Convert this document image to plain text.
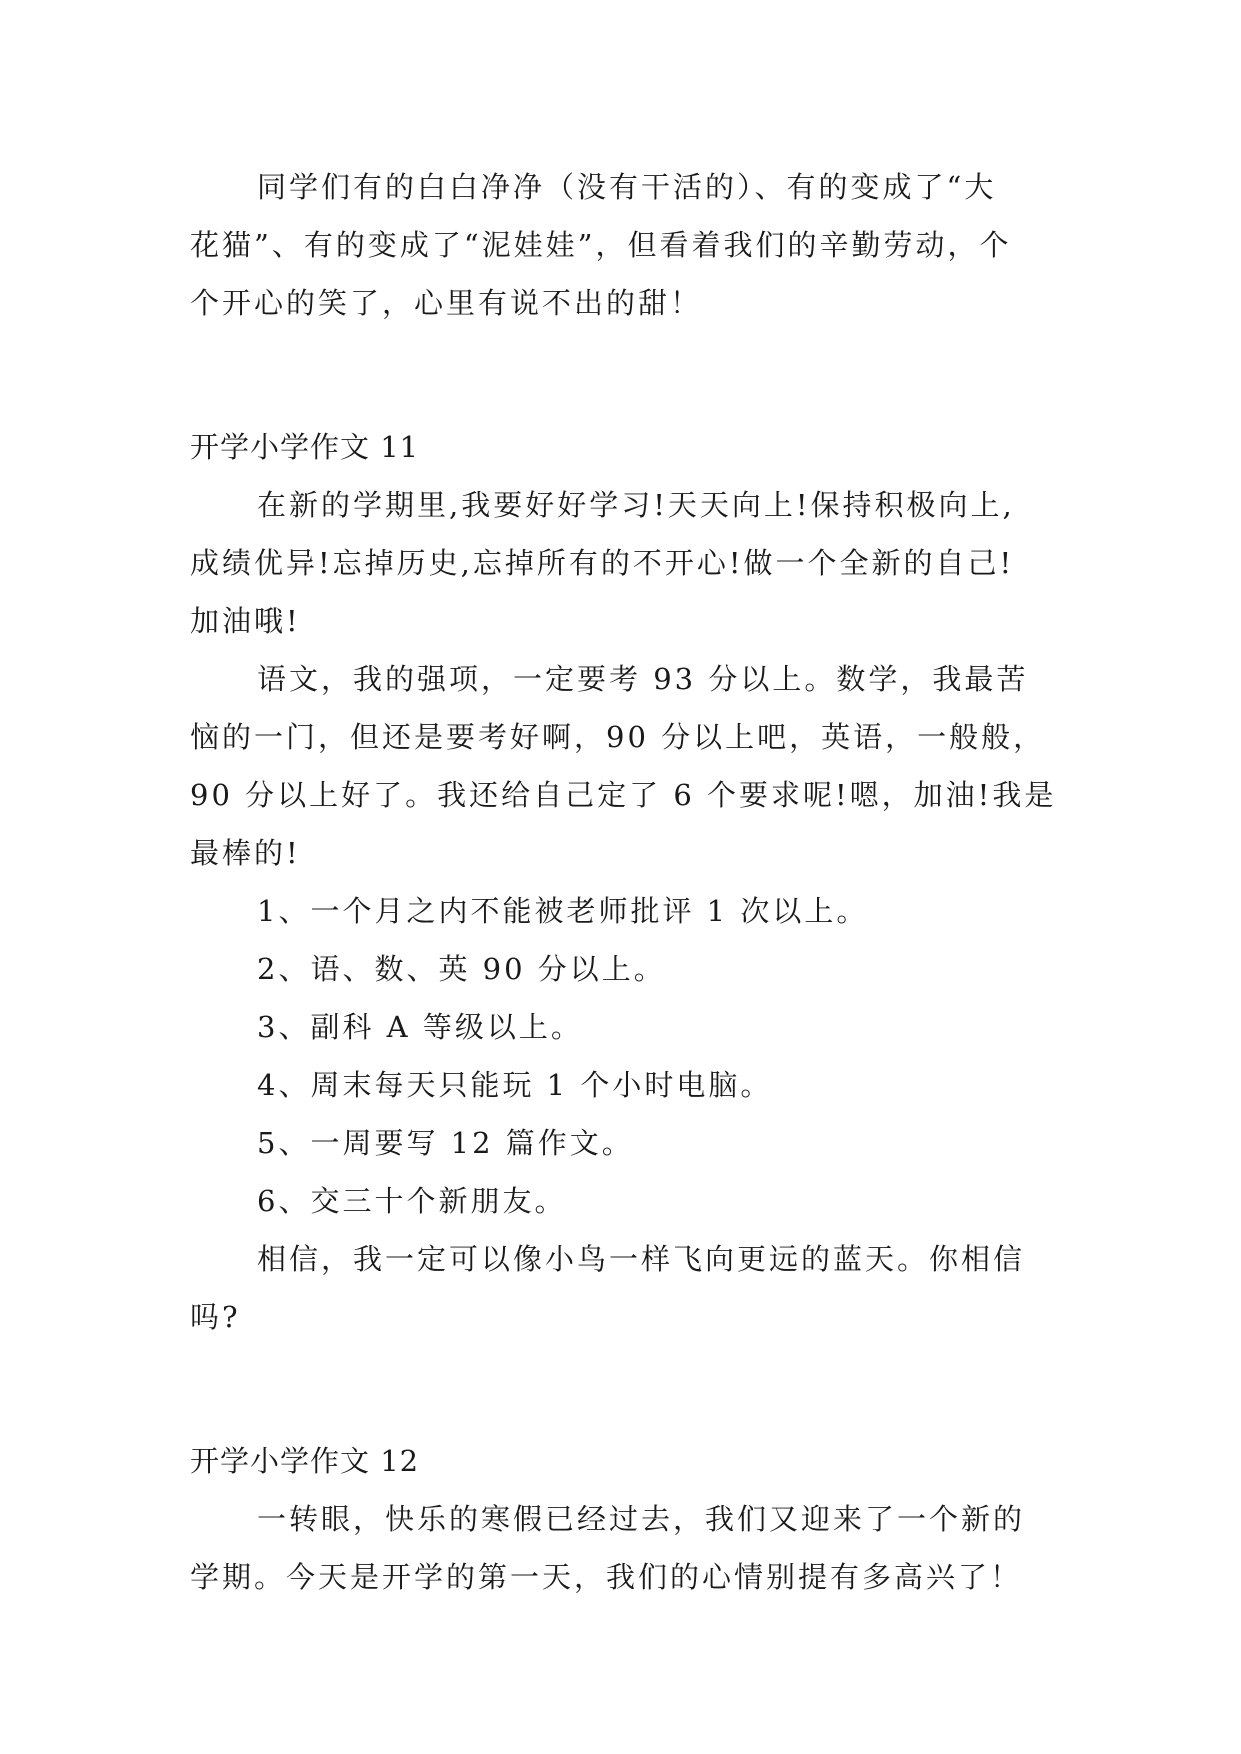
同学们有的白白净净（没有干活的）、有的变成了“大
花猫”、有的变成了“泥娃娃”，但看着我们的辛勤劳动，个
个开心的笑了，心里有说不出的甜！
开学小学作文 11
在新的学期里,我要好好学习!天天向上!保持积极向上,
成绩优异!忘掉历史,忘掉所有的不开心!做一个全新的自己!
加油哦!
语文，我的强项，一定要考 93 分以上。数学，我最苦
恼的一门，但还是要考好啊，90 分以上吧，英语，一般般，
90 分以上好了。我还给自己定了 6 个要求呢!嗯，加油!我是
最棒的!
1、一个月之内不能被老师批评 1 次以上。
2、语、数、英 90 分以上。
3、副科 A 等级以上。
4、周末每天只能玩 1 个小时电脑。
5、一周要写 12 篇作文。
6、交三十个新朋友。
相信，我一定可以像小鸟一样飞向更远的蓝天。你相信
吗?
开学小学作文 12
一转眼，快乐的寒假已经过去，我们又迎来了一个新的
学期。今天是开学的第一天，我们的心情别提有多高兴了！
